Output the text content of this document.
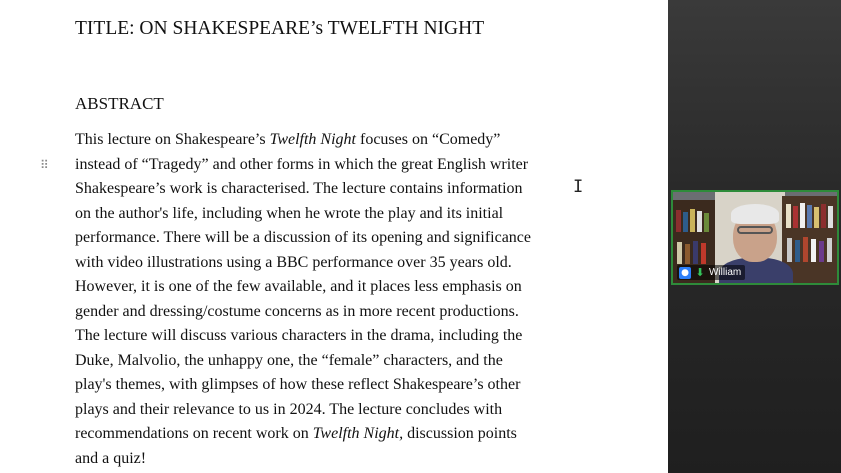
TITLE: ON SHAKESPEARE’s TWELFTH NIGHT
ABSTRACT
⠿
This lecture on Shakespeare’s Twelfth Night focuses on “Comedy”
instead of “Tragedy” and other forms in which the great English writer
Shakespeare’s work is characterised. The lecture contains information
on the author's life, including when he wrote the play and its initial
performance. There will be a discussion of its opening and significance
with video illustrations using a BBC performance over 35 years old.
However, it is one of the few available, and it places less emphasis on
gender and dressing/costume concerns as in more recent productions.
The lecture will discuss various characters in the drama, including the
Duke, Malvolio, the unhappy one, the “female” characters, and the
play's themes, with glimpses of how these reflect Shakespeare’s other
plays and their relevance to us in 2024. The lecture concludes with
recommendations on recent work on Twelfth Night, discussion points
and a quiz!
I
● ⬇ William
